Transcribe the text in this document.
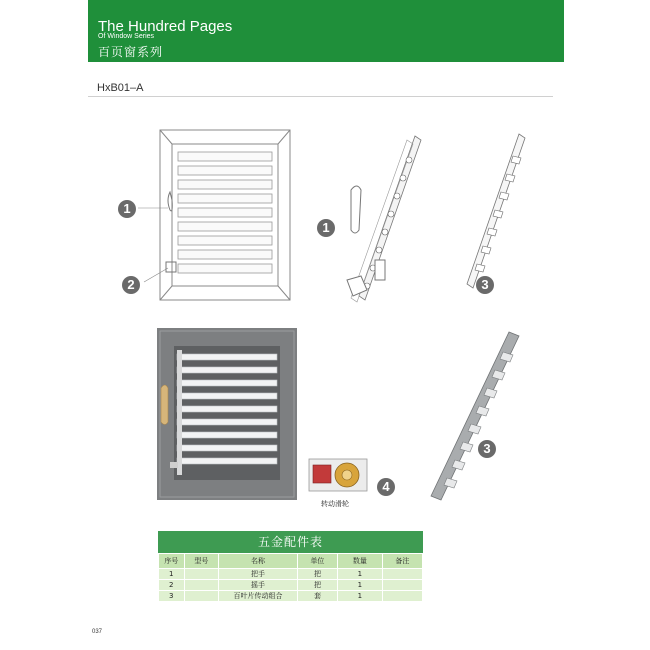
The Hundred Pages
Of Window Series
百页窗系列
HxB01–A
1
2
1
3
3
4
转动滑轮
五金配件表
序号	型号	名称	单位	数量	备注
1		把手	把	1	
2		摇手	把	1	
3		百叶片传动组合	套	1	
037
